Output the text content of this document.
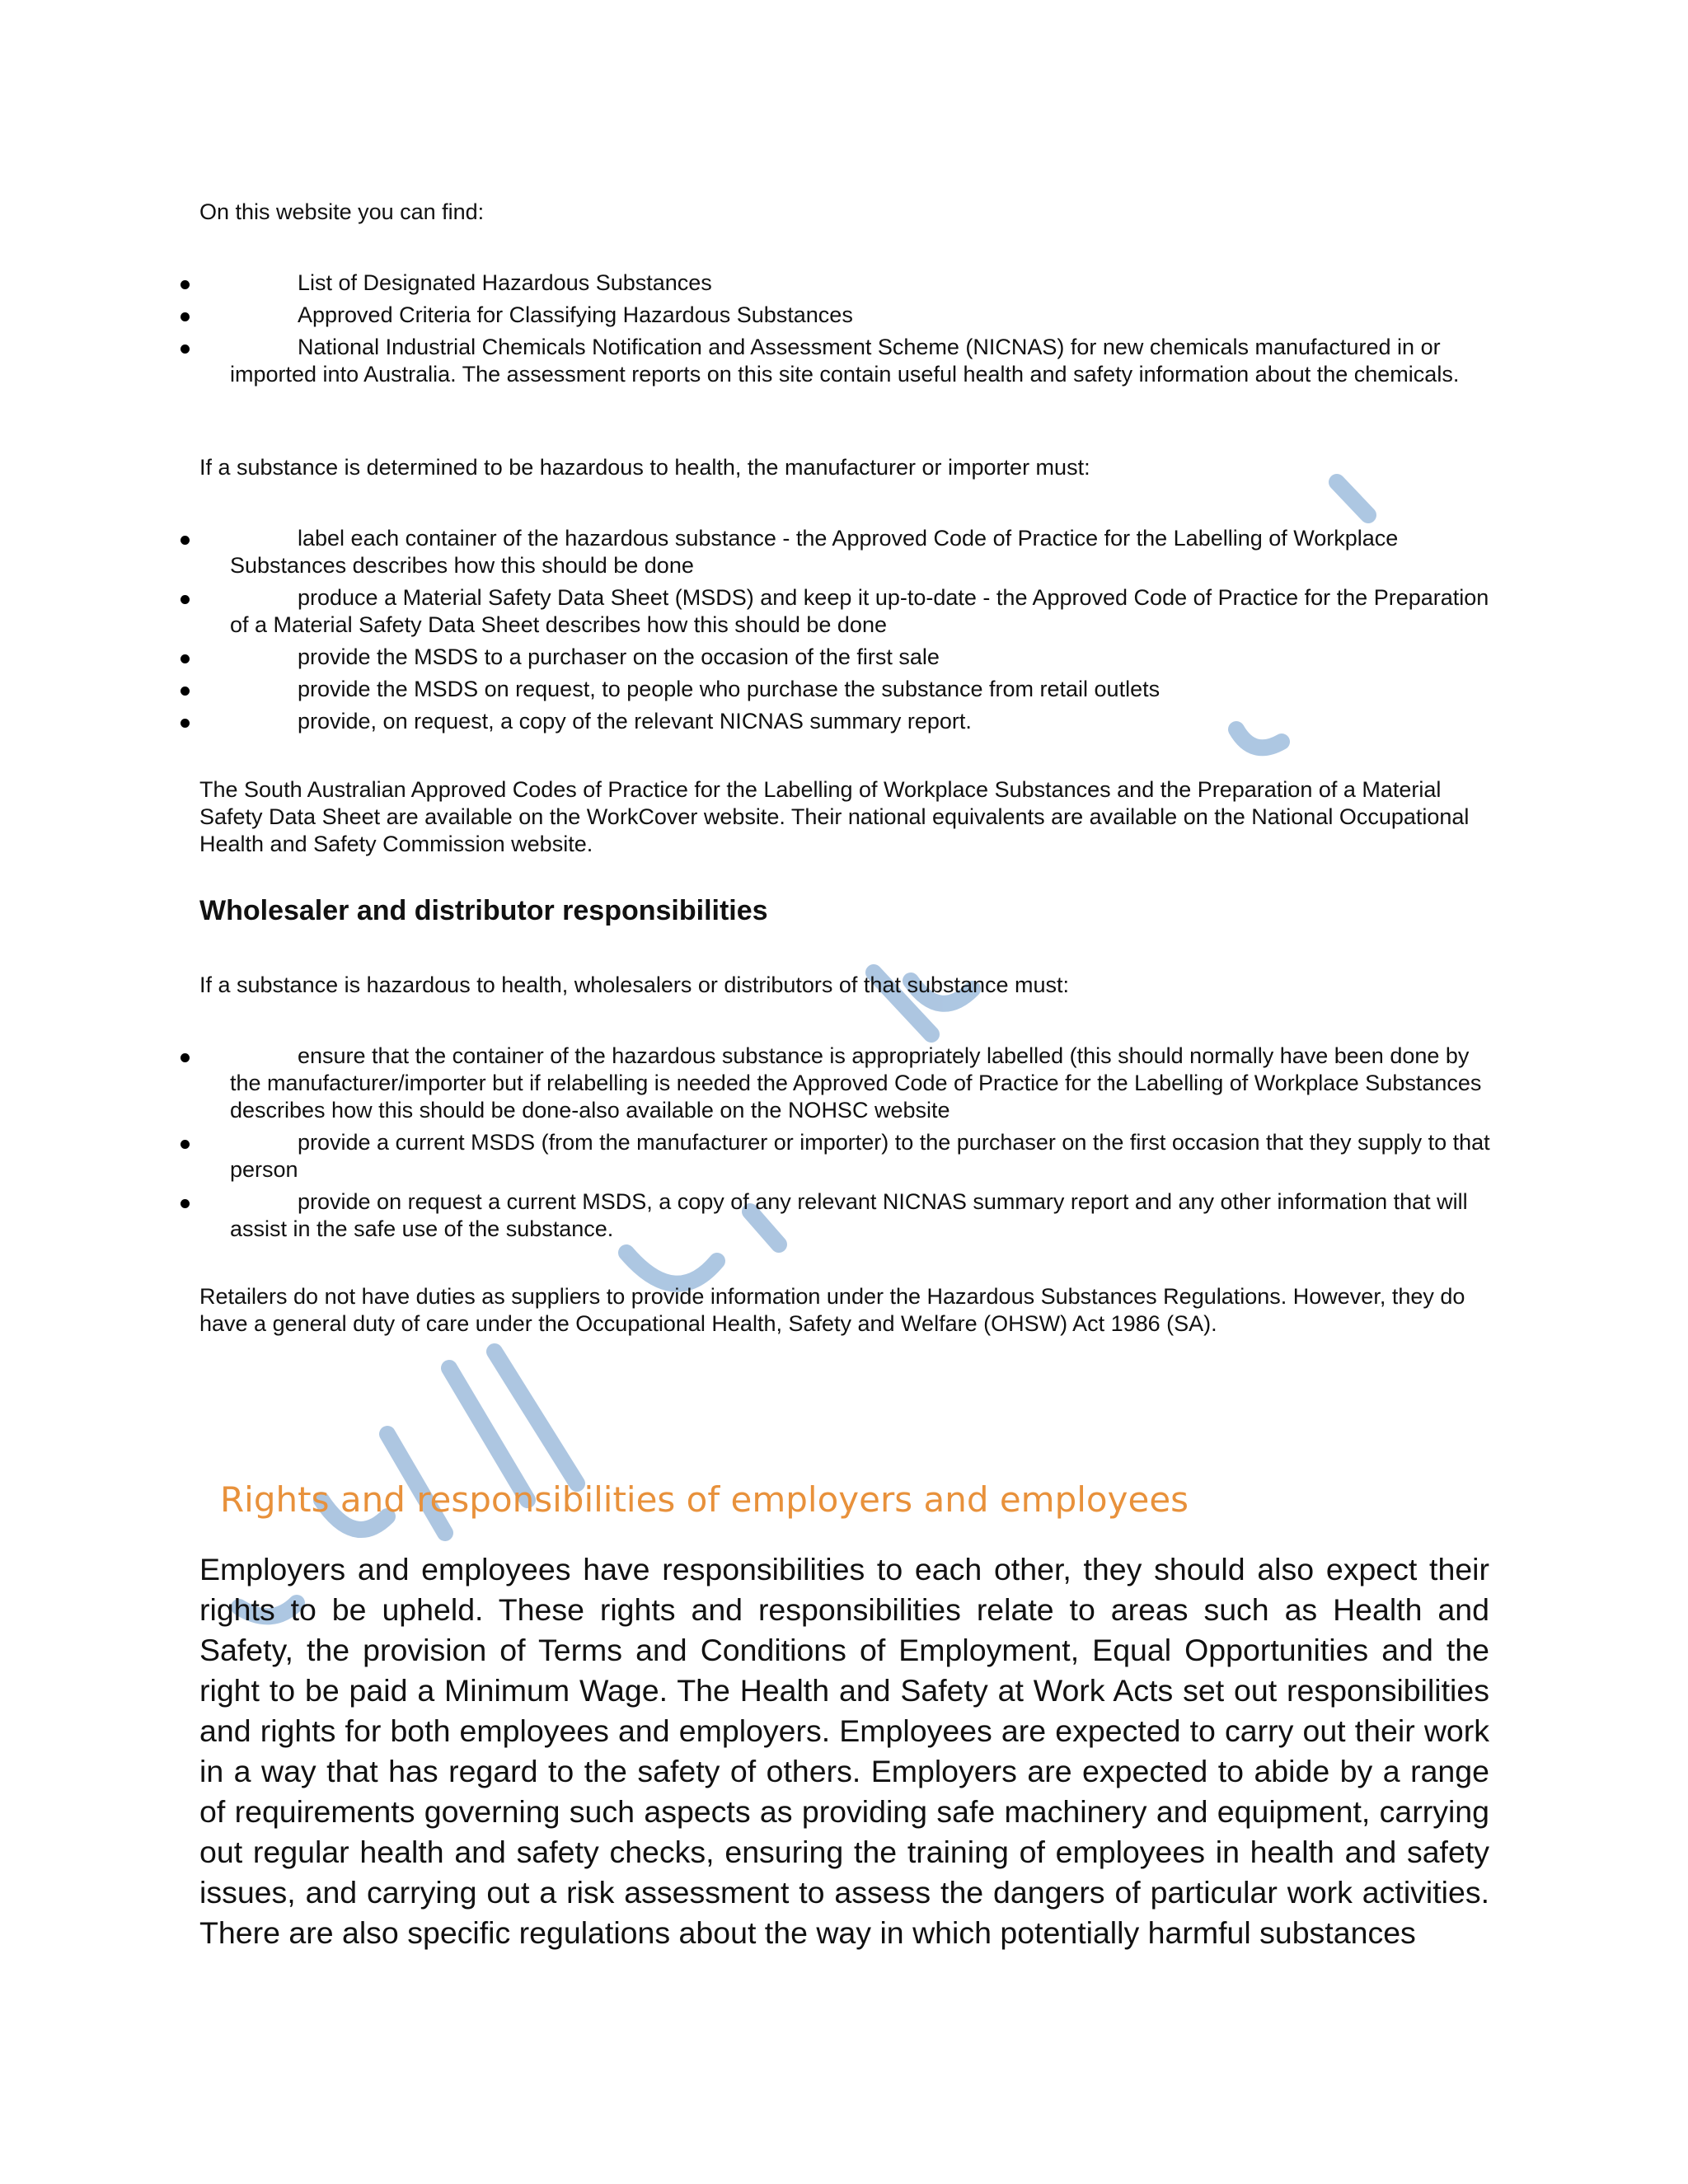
On this website you can find:

List of Designated Hazardous Substances
Approved Criteria for Classifying Hazardous Substances
National Industrial Chemicals Notification and Assessment Scheme (NICNAS) for new chemicals manufactured in or imported into Australia. The assessment reports on this site contain useful health and safety information about the chemicals.

If a substance is determined to be hazardous to health, the manufacturer or importer must:

label each container of the hazardous substance - the Approved Code of Practice for the Labelling of Workplace Substances describes how this should be done
produce a Material Safety Data Sheet (MSDS) and keep it up-to-date - the Approved Code of Practice for the Preparation of a Material Safety Data Sheet describes how this should be done
provide the MSDS to a purchaser on the occasion of the first sale
provide the MSDS on request, to people who purchase the substance from retail outlets
provide, on request, a copy of the relevant NICNAS summary report.

The South Australian Approved Codes of Practice for the Labelling of Workplace Substances and the Preparation of a Material Safety Data Sheet are available on the WorkCover website. Their national equivalents are available on the National Occupational Health and Safety Commission website.

Wholesaler and distributor responsibilities

If a substance is hazardous to health, wholesalers or distributors of that substance must:

ensure that the container of the hazardous substance is appropriately labelled (this should normally have been done by the manufacturer/importer but if relabelling is needed the Approved Code of Practice for the Labelling of Workplace Substances describes how this should be done-also available on the NOHSC website
provide a current MSDS (from the manufacturer or importer) to the purchaser on the first occasion that they supply to that person
provide on request a current MSDS, a copy of any relevant NICNAS summary report and any other information that will assist in the safe use of the substance.

Retailers do not have duties as suppliers to provide information under the Hazardous Substances Regulations. However, they do have a general duty of care under the Occupational Health, Safety and Welfare (OHSW) Act 1986 (SA).

Rights and responsibilities of employers and employees

Employers and employees have responsibilities to each other, they should also expect their rights to be upheld. These rights and responsibilities relate to areas such as Health and Safety, the provision of Terms and Conditions of Employment, Equal Opportunities and the right to be paid a Minimum Wage. The Health and Safety at Work Acts set out responsibilities and rights for both employees and employers. Employees are expected to carry out their work in a way that has regard to the safety of others. Employers are expected to abide by a range of requirements governing such aspects as providing safe machinery and equipment, carrying out regular health and safety checks, ensuring the training of employees in health and safety issues, and carrying out a risk assessment to assess the dangers of particular work activities. There are also specific regulations about the way in which potentially harmful substances
